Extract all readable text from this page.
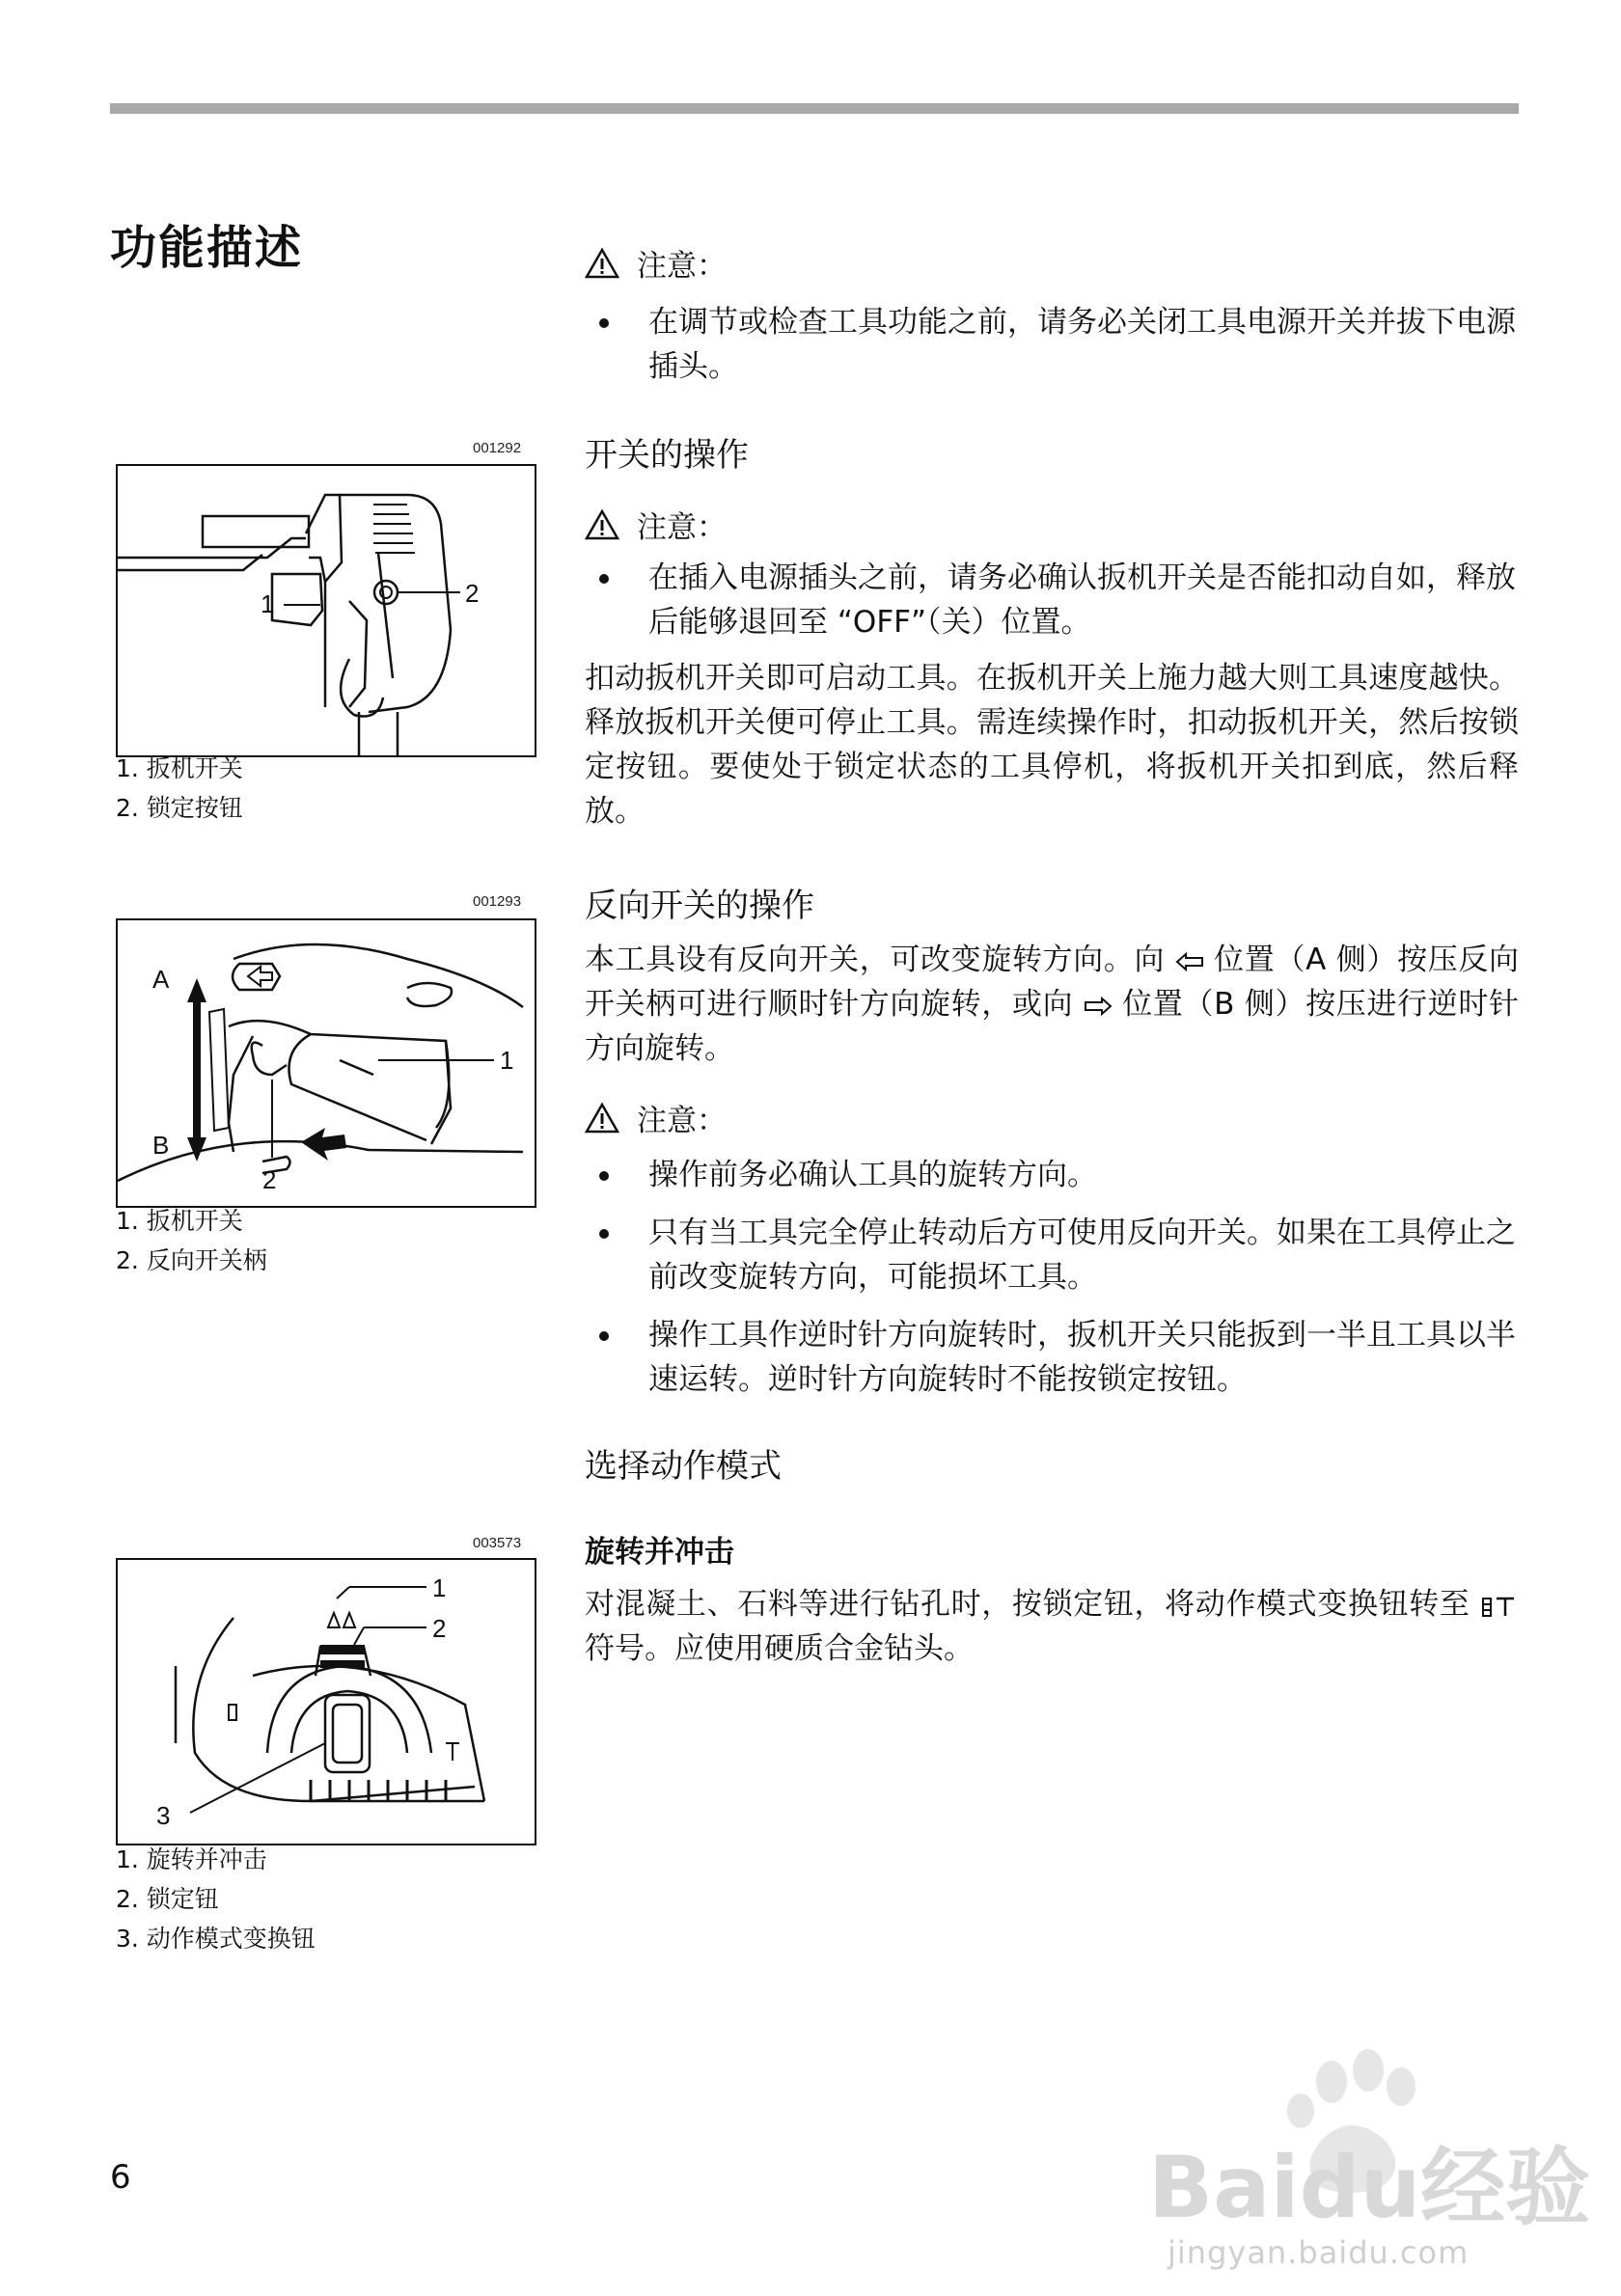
功能描述
001292
2
1
1. 扳机开关
2. 锁定按钮
001293
A
B
1
2
1. 扳机开关
2. 反向开关柄
003573
1
2
3
1. 旋转并冲击
2. 锁定钮
3. 动作模式变换钮
注意：
在调节或检查工具功能之前，请务必关闭工具电源开关并拔下电源插头。
开关的操作
注意：
在插入电源插头之前，请务必确认扳机开关是否能扣动自如，释放后能够退回至 “OFF”（关）位置。
扣动扳机开关即可启动工具。在扳机开关上施力越大则工具速度越快。释放扳机开关便可停止工具。需连续操作时，扣动扳机开关，然后按锁定按钮。要使处于锁定状态的工具停机，将扳机开关扣到底，然后释放。
反向开关的操作
本工具设有反向开关，可改变旋转方向。向 位置（A 侧）按压反向开关柄可进行顺时针方向旋转，或向 位置（B 侧）按压进行逆时针方向旋转。
注意：
操作前务必确认工具的旋转方向。
只有当工具完全停止转动后方可使用反向开关。如果在工具停止之前改变旋转方向，可能损坏工具。
操作工具作逆时针方向旋转时，扳机开关只能扳到一半且工具以半速运转。逆时针方向旋转时不能按锁定按钮。
选择动作模式
旋转并冲击
对混凝土、石料等进行钻孔时，按锁定钮，将动作模式变换钮转至  符号。应使用硬质合金钻头。
6	Baidu经验
jingyan.baidu.com
